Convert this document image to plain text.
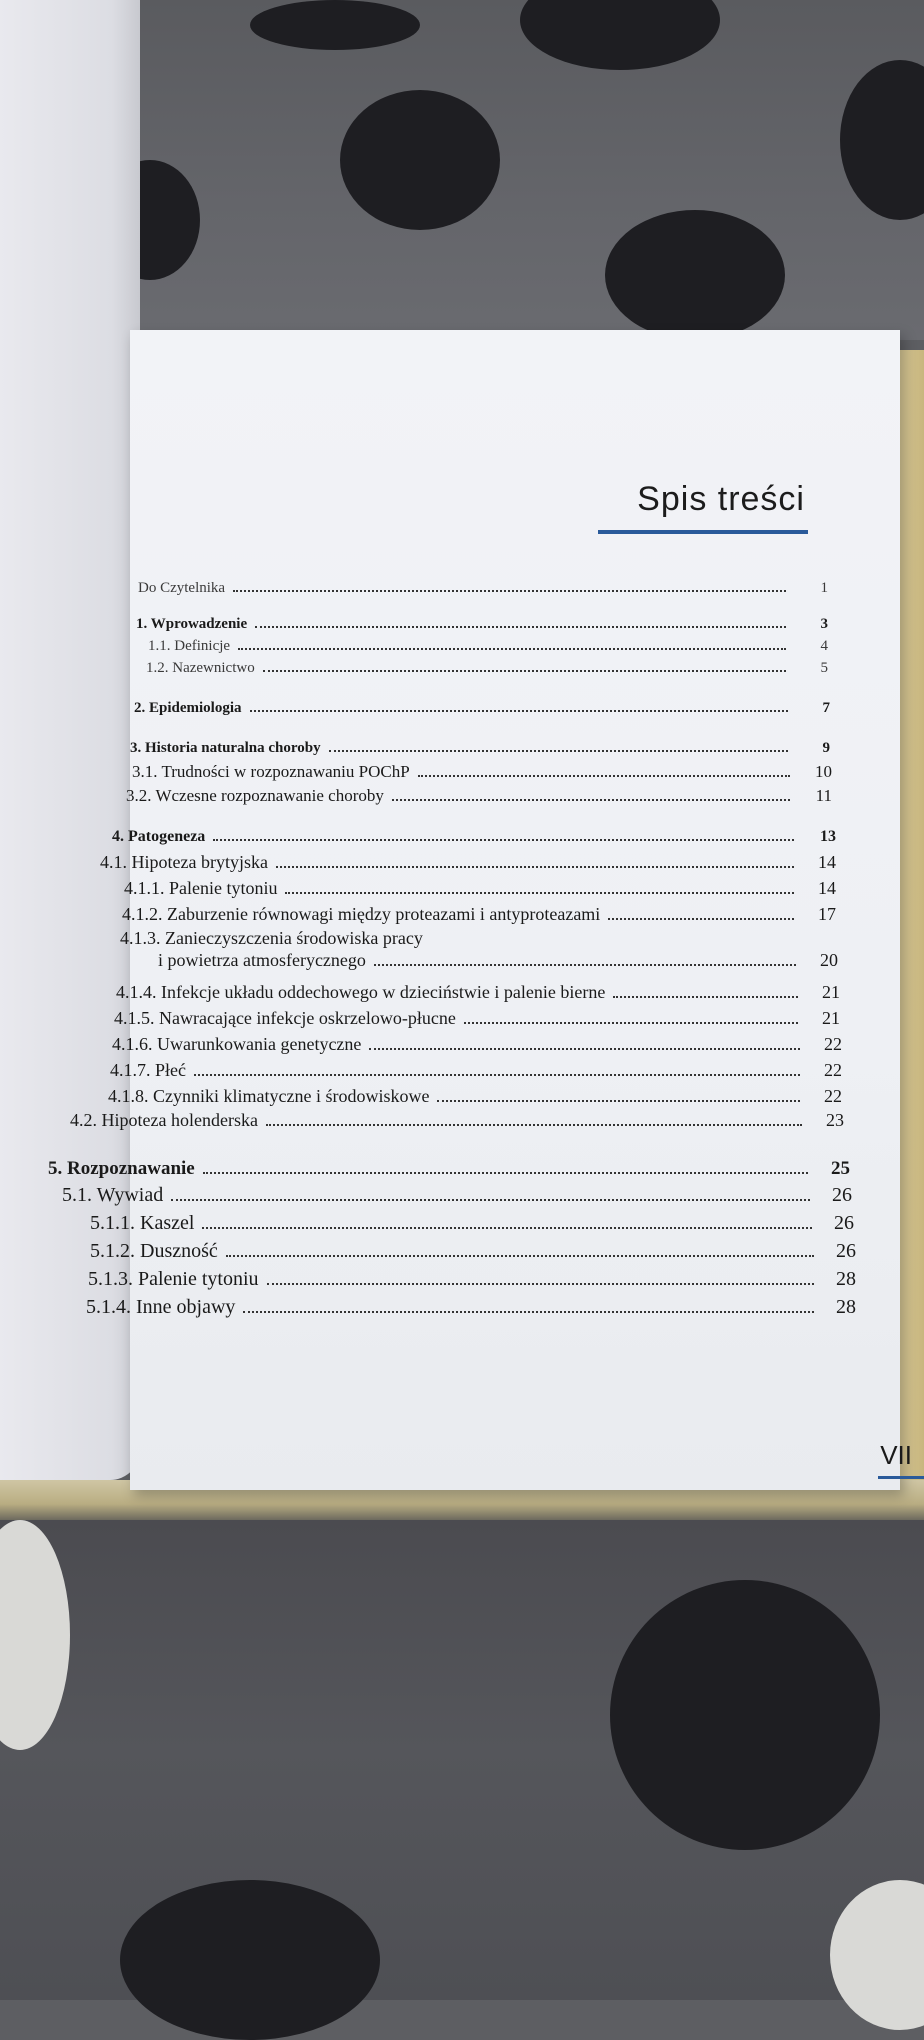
Spis treści
Do Czytelnika	1
1. Wprowadzenie	3
1.1. Definicje	4
1.2. Nazewnictwo	5
2. Epidemiologia	7
3. Historia naturalna choroby	9
3.1. Trudności w rozpoznawaniu POChP	10
3.2. Wczesne rozpoznawanie choroby	11
4. Patogeneza	13
4.1. Hipoteza brytyjska	14
4.1.1. Palenie tytoniu	14
4.1.2. Zaburzenie równowagi między proteazami i antyproteazami	17
4.1.3. Zanieczyszczenia środowiska pracy
i powietrza atmosferycznego	20
4.1.4. Infekcje układu oddechowego w dzieciństwie i palenie bierne	21
4.1.5. Nawracające infekcje oskrzelowo-płucne	21
4.1.6. Uwarunkowania genetyczne	22
4.1.7. Płeć	22
4.1.8. Czynniki klimatyczne i środowiskowe	22
4.2. Hipoteza holenderska	23
5. Rozpoznawanie	25
5.1. Wywiad	26
5.1.1. Kaszel	26
5.1.2. Duszność	26
5.1.3. Palenie tytoniu	28
5.1.4. Inne objawy	28
VII
